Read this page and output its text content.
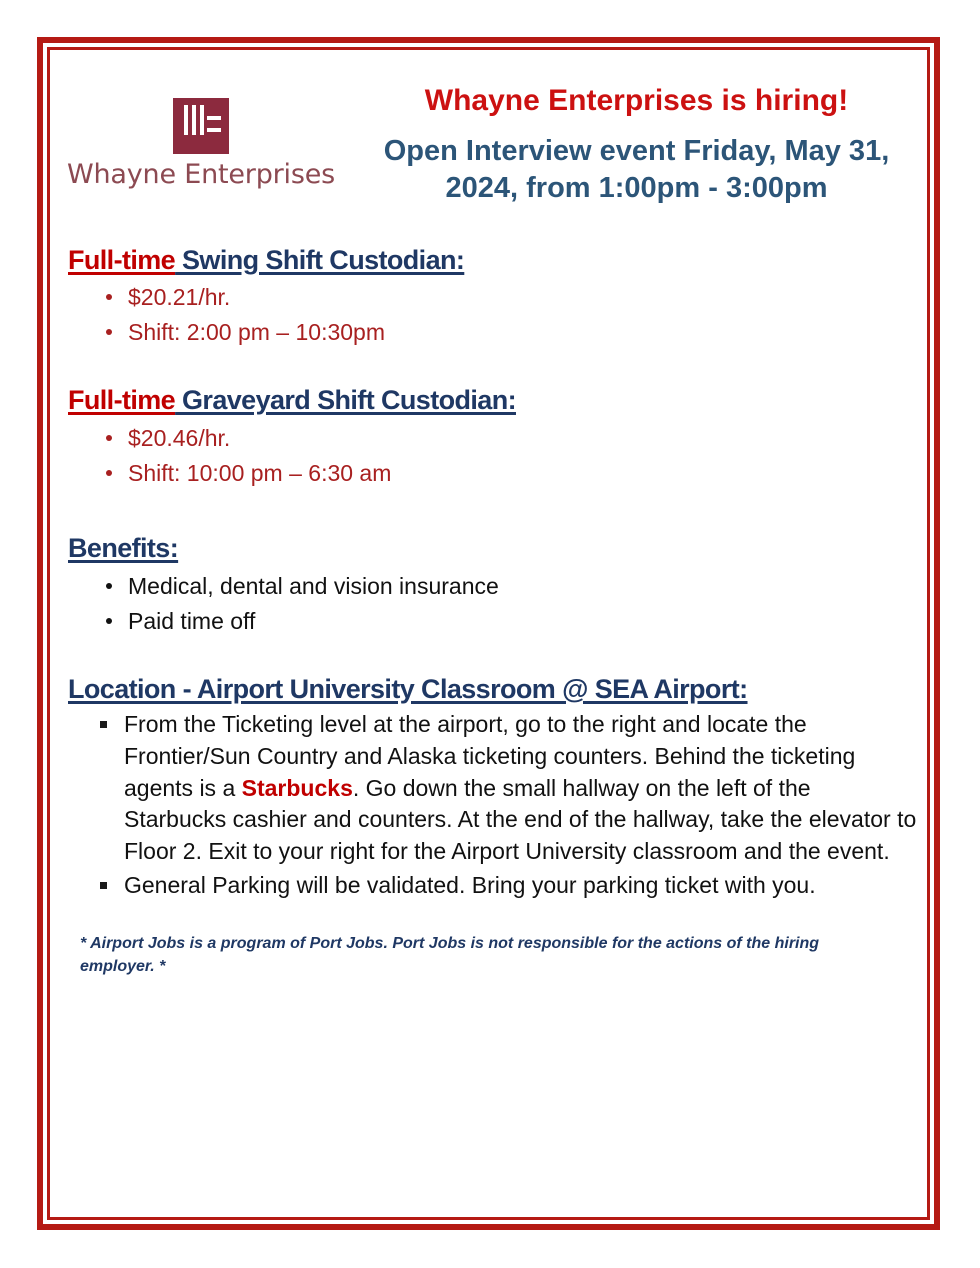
Whayne Enterprises
Whayne Enterprises is hiring!
Open Interview event Friday, May 31, 2024, from 1:00pm - 3:00pm
Full-time Swing Shift Custodian:
$20.21/hr.
Shift: 2:00 pm – 10:30pm
Full-time Graveyard Shift Custodian:
$20.46/hr.
Shift: 10:00 pm – 6:30 am
Benefits:
Medical, dental and vision insurance
Paid time off
Location - Airport University Classroom @ SEA Airport:
From the Ticketing level at the airport, go to the right and locate the Frontier/Sun Country and Alaska ticketing counters. Behind the ticketing agents is a Starbucks. Go down the small hallway on the left of the Starbucks cashier and counters. At the end of the hallway, take the elevator to Floor 2. Exit to your right for the Airport University classroom and the event.
General Parking will be validated. Bring your parking ticket with you.
* Airport Jobs is a program of Port Jobs. Port Jobs is not responsible for the actions of the hiring employer. *
